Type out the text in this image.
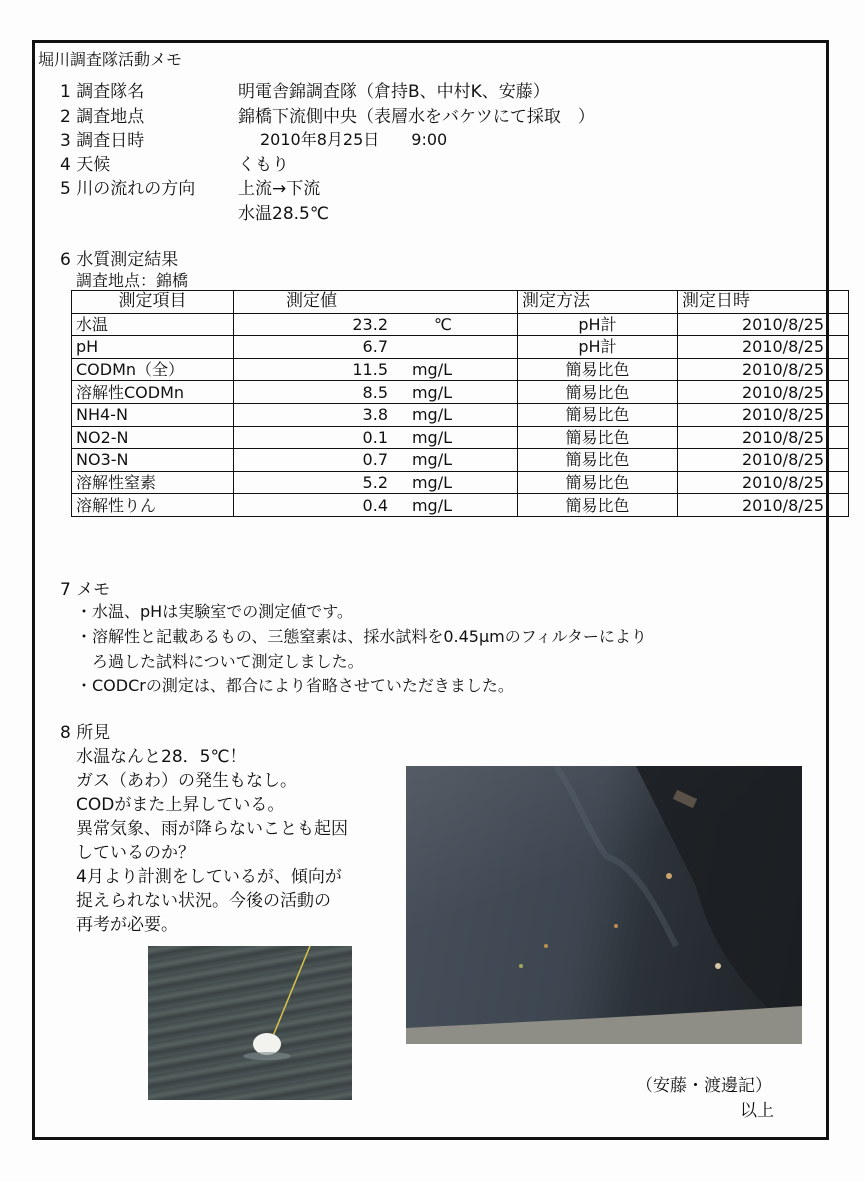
堀川調査隊活動メモ
1 調査隊名	明電舎錦調査隊（倉持B、中村K、安藤）
2 調査地点	錦橋下流側中央（表層水をバケツにて採取　）
3 調査日時	2010年8月25日　　9:00
4 天候	くもり
5 川の流れの方向	上流→下流
水温28.5℃
6 水質測定結果
調査地点：錦橋
測定項目	測定値	測定方法	測定日時
水温	23.2 ℃	pH計	2010/8/25
pH	6.7	pH計	2010/8/25
CODMn（全）	11.5 mg/L	簡易比色	2010/8/25
溶解性CODMn	8.5 mg/L	簡易比色	2010/8/25
NH4-N	3.8 mg/L	簡易比色	2010/8/25
NO2-N	0.1 mg/L	簡易比色	2010/8/25
NO3-N	0.7 mg/L	簡易比色	2010/8/25
溶解性窒素	5.2 mg/L	簡易比色	2010/8/25
溶解性りん	0.4 mg/L	簡易比色	2010/8/25
7 メモ
・水温、pHは実験室での測定値です。
・溶解性と記載あるもの、三態窒素は、採水試料を0.45μmのフィルターにより
　ろ過した試料について測定しました。
・CODCrの測定は、都合により省略させていただきました。
8 所見
水温なんと28．5℃！
ガス（あわ）の発生もなし。
CODがまた上昇している。
異常気象、雨が降らないことも起因
しているのか？
4月より計測をしているが、傾向が
捉えられない状況。今後の活動の
再考が必要。
（安藤・渡邊記）
以上
